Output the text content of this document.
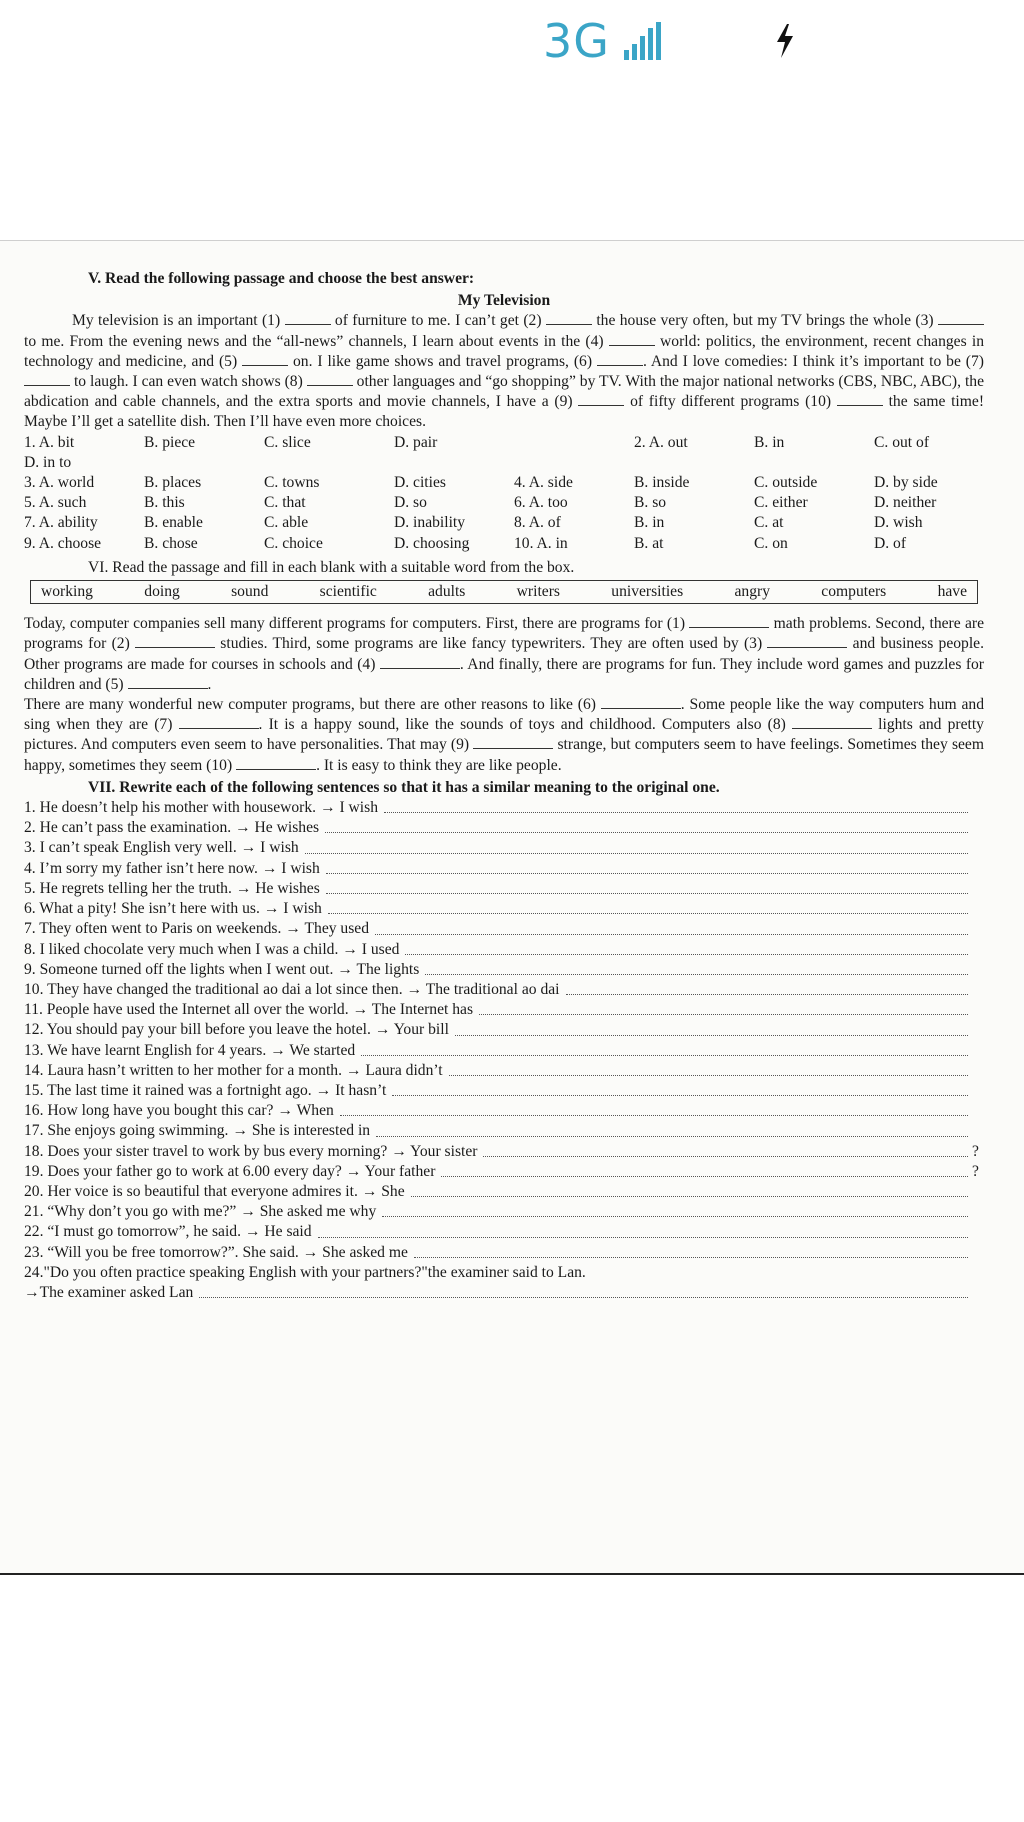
3G
V. Read the following passage and choose the best answer:
My Television

My television is an important (1)	of furniture to me. I can’t get (2)	the house very often, but my TV brings the whole (3)  to me. From the evening news and the “all-news” channels, I learn about events in the (4)	world: politics, the environment, recent changes in technology and medicine, and (5)	on. I like game shows and travel programs, (6)	. And I love comedies: I think it’s important to be (7)  to laugh. I can even watch shows (8)	other languages and “go shopping” by TV. With the major national networks (CBS, NBC, ABC), the abdication and cable channels, and the extra sports and movie channels, I have a (9)	of fifty different programs (10)	the same time! Maybe I’ll get a satellite dish. Then I’ll have even more choices.

1. A. bit	B. piece	C. slice	D. pair	2. A. out	B. in	C. out of
D. in to
3. A. world	B. places	C. towns	D. cities	4. A. side	B. inside	C. outside	D. by side
5. A. such	B. this	C. that	D. so	6. A. too	B. so	C. either	D. neither
7. A. ability	B. enable	C. able	D. inability	8. A. of	B. in	C. at	D. wish
9. A. choose	B. chose	C. choice	D. choosing	10. A. in	B. at	C. on	D. of
VI. Read the passage and fill in each blank with a suitable word from the box.
working	doing	sound	scientific	adults	writers	universities	angry	computers	have

Today, computer companies sell many different programs for computers. First, there are programs for (1)	math problems. Second, there are programs for (2)	studies. Third, some programs are like fancy typewriters. They are often used by (3)	and business people. Other programs are made for courses in schools and (4)	. And finally, there are programs for fun. They include word games and puzzles for children and (5)	.

There are many wonderful new computer programs, but there are other reasons to like (6)	. Some people like the way computers hum and sing when they are (7)	. It is a happy sound, like the sounds of toys and childhood. Computers also (8)	lights and pretty pictures. And computers even seem to have personalities. That may (9)	strange, but computers seem to have feelings. Sometimes they seem happy, sometimes they seem (10)	. It is easy to think they are like people.

VII. Rewrite each of the following sentences so that it has a similar meaning to the original one.
1. He doesn’t help his mother with housework. → I wish
2. He can’t pass the examination. → He wishes
3. I can’t speak English very well. → I wish
4. I’m sorry my father isn’t here now. → I wish
5. He regrets telling her the truth. → He wishes
6. What a pity! She isn’t here with us. → I wish
7. They often went to Paris on weekends. → They used
8. I liked chocolate very much when I was a child. → I used
9. Someone turned off the lights when I went out. → The lights
10. They have changed the traditional ao dai a lot since then. → The traditional ao dai
11. People have used the Internet all over the world. → The Internet has
12. You should pay your bill before you leave the hotel. → Your bill
13. We have learnt English for 4 years. → We started
14. Laura hasn’t written to her mother for a month. → Laura didn’t
15. The last time it rained was a fortnight ago. → It hasn’t
16. How long have you bought this car? → When
17. She enjoys going swimming. → She is interested in
18. Does your sister travel to work by bus every morning? → Your sister	?
19. Does your father go to work at 6.00 every day? → Your father	?
20. Her voice is so beautiful that everyone admires it. → She
21. “Why don’t you go with me?” → She asked me why
22. “I must go tomorrow”, he said. → He said
23. “Will you be free tomorrow?”. She said. → She asked me
24."Do you often practice speaking English with your partners?"the examiner said to Lan.
→The examiner asked Lan
